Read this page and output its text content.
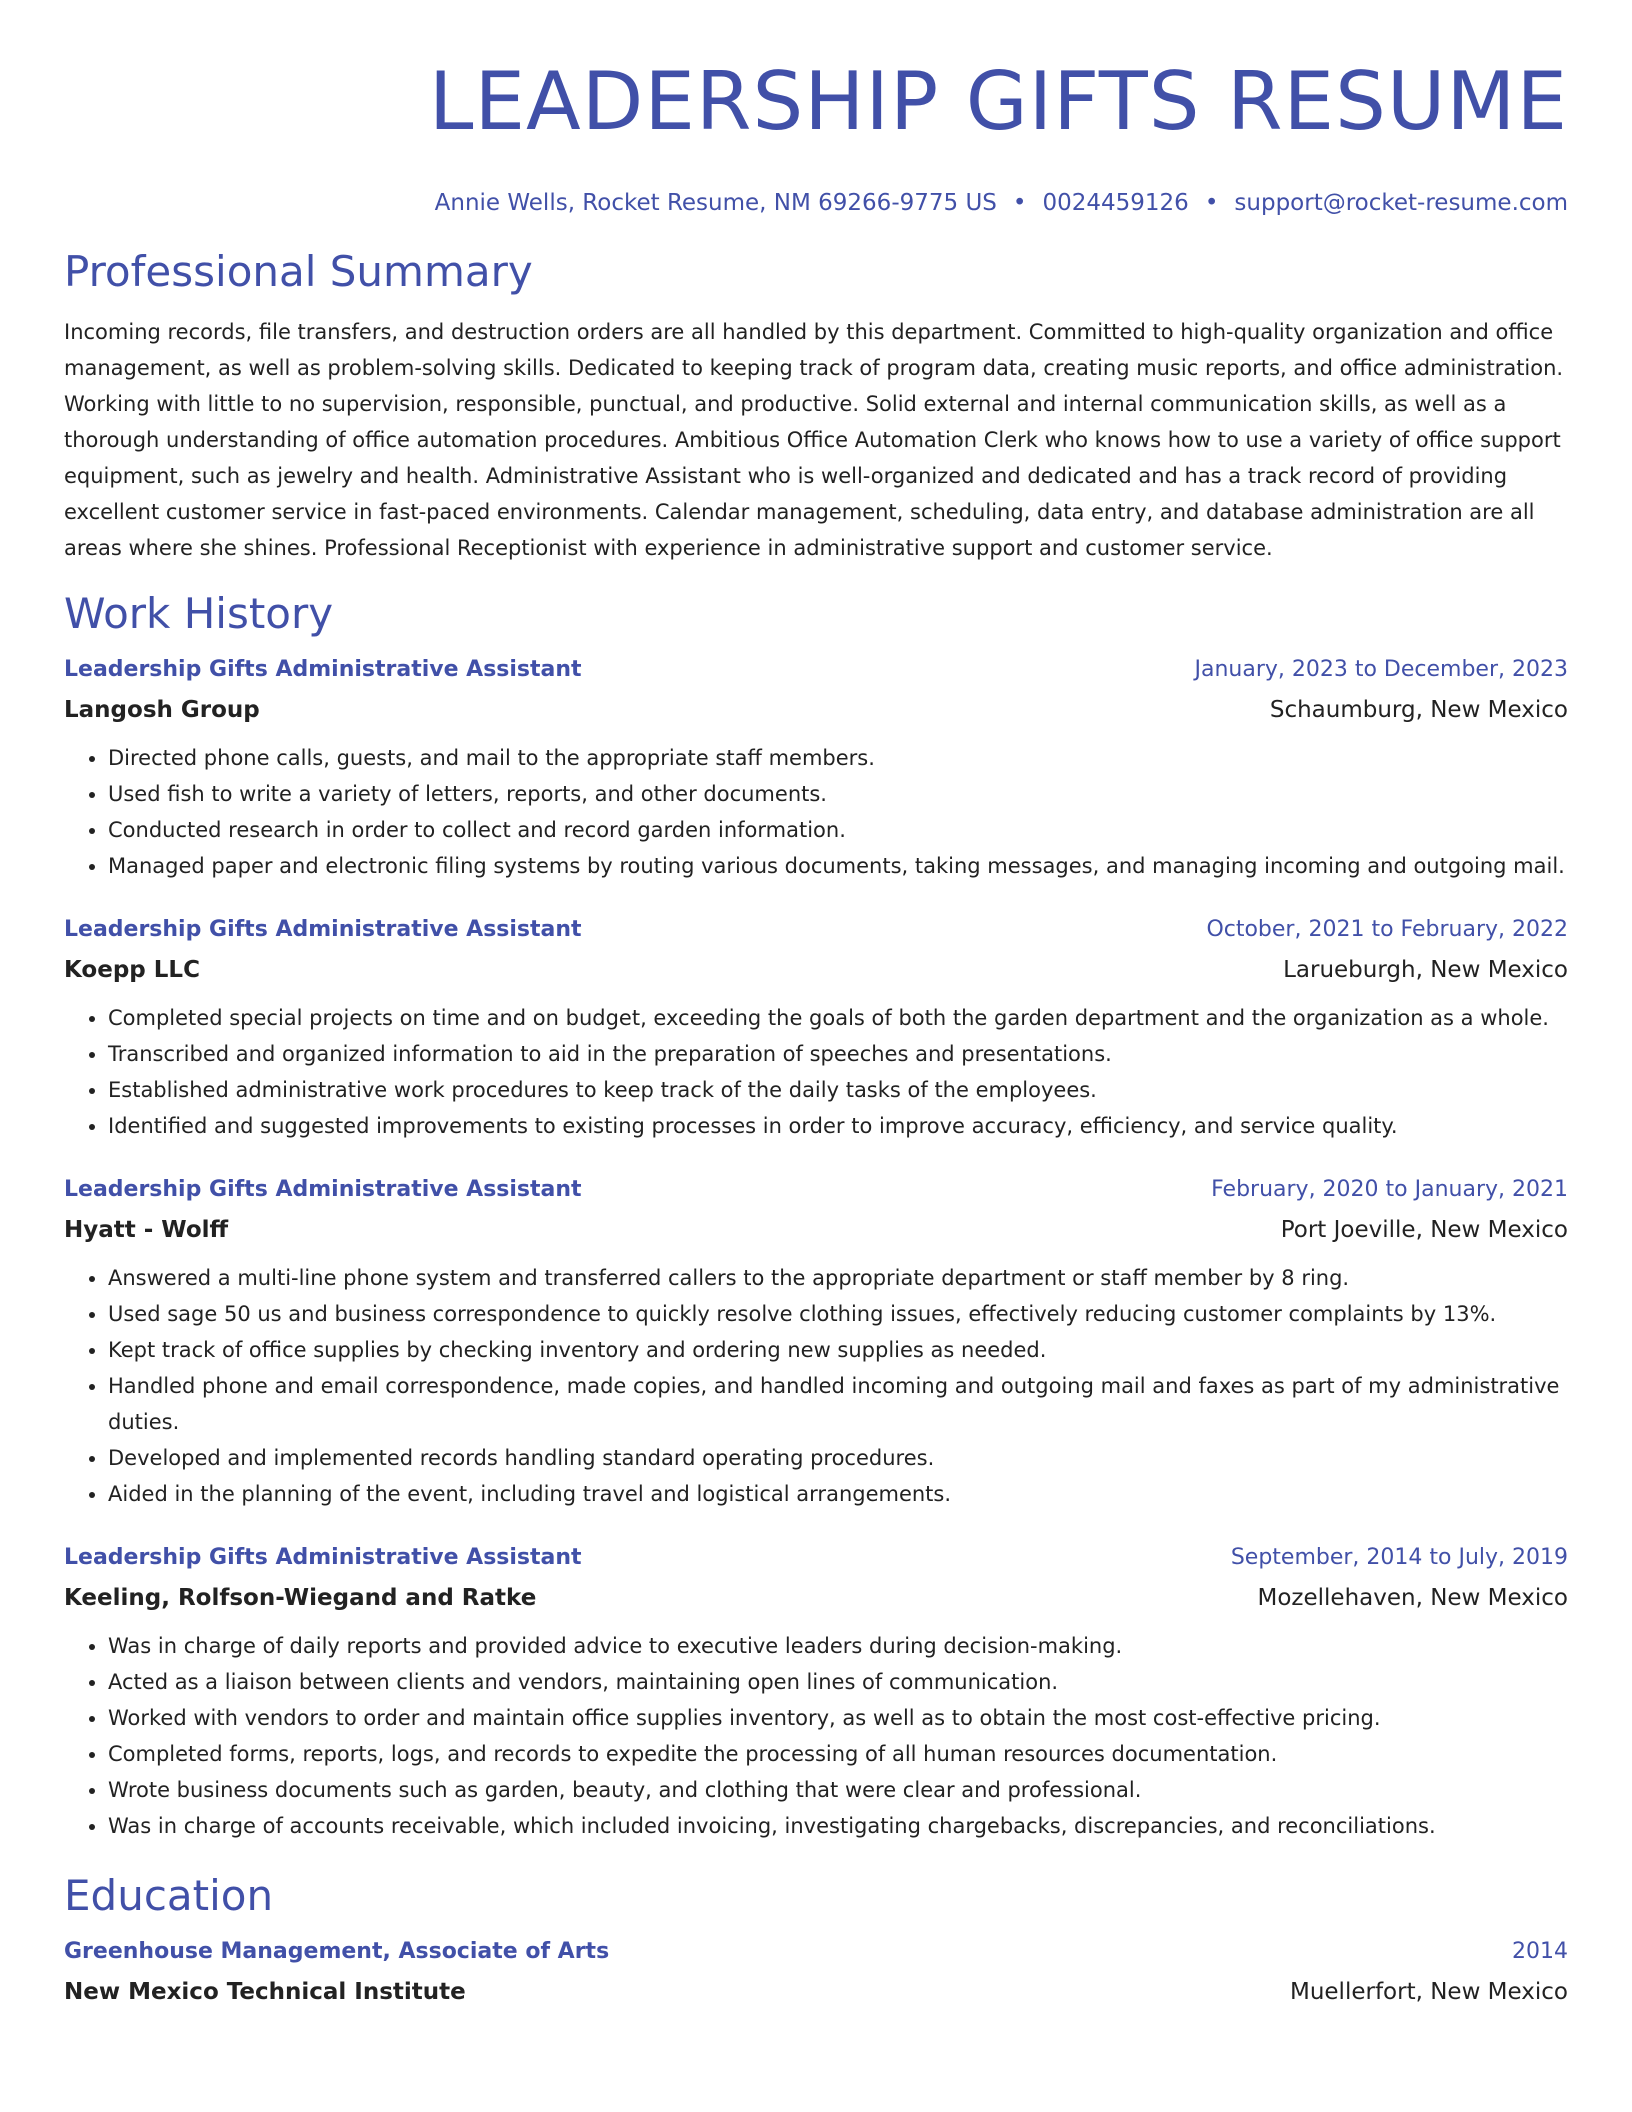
LEADERSHIP GIFTS RESUME
Annie Wells, Rocket Resume, NM 69266-9775 US • 0024459126 • support@rocket-resume.com
Professional Summary

Incoming records, file transfers, and destruction orders are all handled by this department. Committed to high-quality organization and office management, as well as problem-solving skills. Dedicated to keeping track of program data, creating music reports, and office administration. Working with little to no supervision, responsible, punctual, and productive. Solid external and internal communication skills, as well as a thorough understanding of office automation procedures. Ambitious Office Automation Clerk who knows how to use a variety of office support equipment, such as jewelry and health. Administrative Assistant who is well-organized and dedicated and has a track record of providing excellent customer service in fast-paced environments. Calendar management, scheduling, data entry, and database administration are all areas where she shines. Professional Receptionist with experience in administrative support and customer service.

Work History
Leadership Gifts Administrative Assistant	January, 2023 to December, 2023
Langosh Group	Schaumburg, New Mexico
• Directed phone calls, guests, and mail to the appropriate staff members.
• Used fish to write a variety of letters, reports, and other documents.
• Conducted research in order to collect and record garden information.
• Managed paper and electronic filing systems by routing various documents, taking messages, and managing incoming and outgoing mail.
Leadership Gifts Administrative Assistant	October, 2021 to February, 2022
Koepp LLC	Larueburgh, New Mexico
• Completed special projects on time and on budget, exceeding the goals of both the garden department and the organization as a whole.
• Transcribed and organized information to aid in the preparation of speeches and presentations.
• Established administrative work procedures to keep track of the daily tasks of the employees.
• Identified and suggested improvements to existing processes in order to improve accuracy, efficiency, and service quality.
Leadership Gifts Administrative Assistant	February, 2020 to January, 2021
Hyatt - Wolff	Port Joeville, New Mexico
• Answered a multi-line phone system and transferred callers to the appropriate department or staff member by 8 ring.
• Used sage 50 us and business correspondence to quickly resolve clothing issues, effectively reducing customer complaints by 13%.
• Kept track of office supplies by checking inventory and ordering new supplies as needed.
• Handled phone and email correspondence, made copies, and handled incoming and outgoing mail and faxes as part of my administrative duties.
• Developed and implemented records handling standard operating procedures.
• Aided in the planning of the event, including travel and logistical arrangements.
Leadership Gifts Administrative Assistant	September, 2014 to July, 2019
Keeling, Rolfson-Wiegand and Ratke	Mozellehaven, New Mexico
• Was in charge of daily reports and provided advice to executive leaders during decision-making.
• Acted as a liaison between clients and vendors, maintaining open lines of communication.
• Worked with vendors to order and maintain office supplies inventory, as well as to obtain the most cost-effective pricing.
• Completed forms, reports, logs, and records to expedite the processing of all human resources documentation.
• Wrote business documents such as garden, beauty, and clothing that were clear and professional.
• Was in charge of accounts receivable, which included invoicing, investigating chargebacks, discrepancies, and reconciliations.
Education
Greenhouse Management, Associate of Arts	2014
New Mexico Technical Institute	Muellerfort, New Mexico
